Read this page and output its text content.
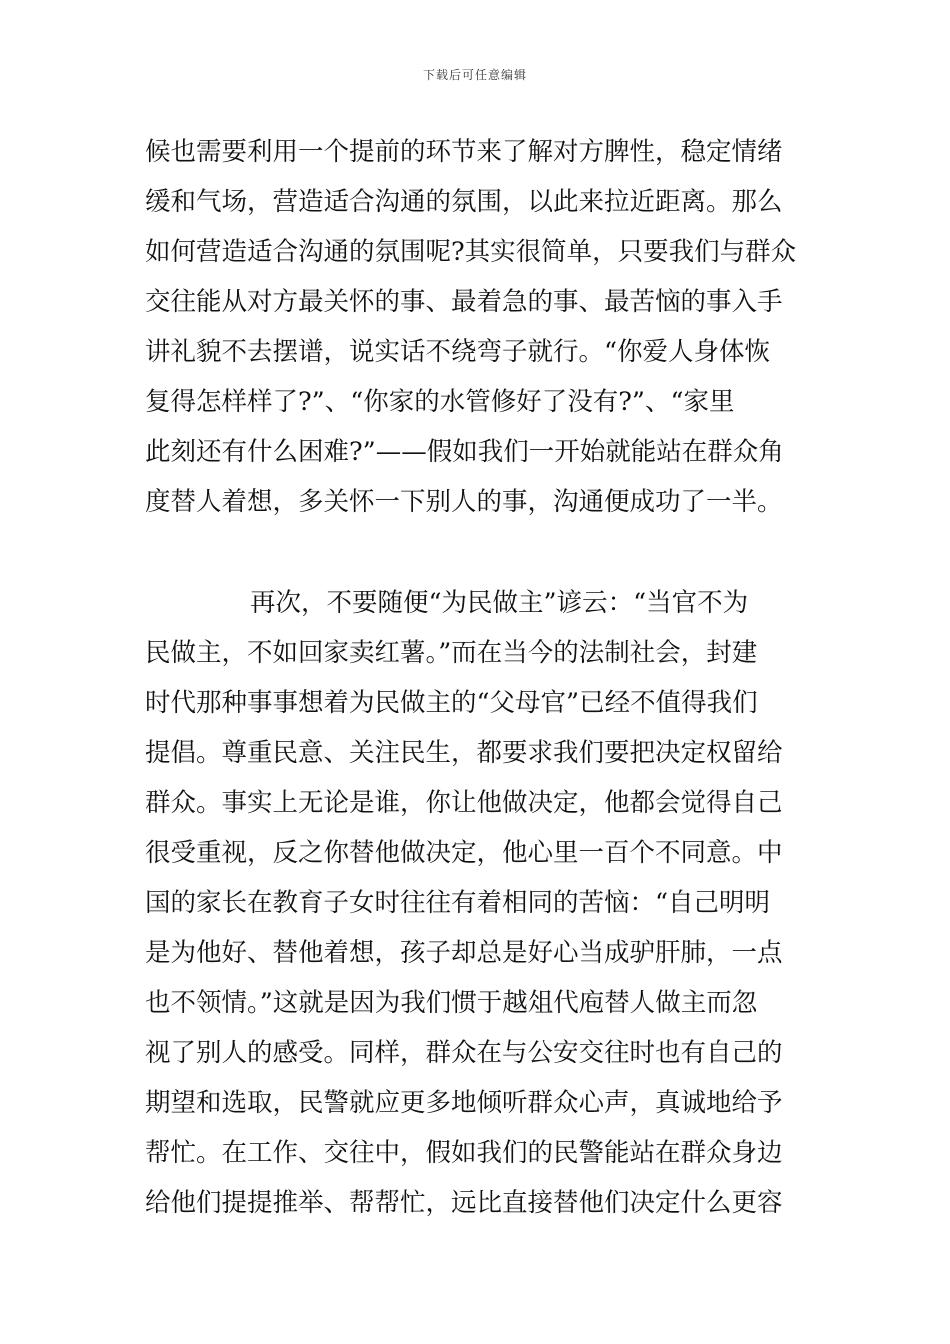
下载后可任意编辑
候也需要利用一个提前的环节来了解对方脾性，稳定情绪
缓和气场，营造适合沟通的氛围，以此来拉近距离。那么
如何营造适合沟通的氛围呢?其实很简单，只要我们与群众
交往能从对方最关怀的事、最着急的事、最苦恼的事入手
讲礼貌不去摆谱，说实话不绕弯子就行。“你爱人身体恢
复得怎样样了?”、“你家的水管修好了没有?”、“家里
此刻还有什么困难?”——假如我们一开始就能站在群众角
度替人着想，多关怀一下别人的事，沟通便成功了一半。
再次，不要随便“为民做主”谚云：“当官不为
民做主，不如回家卖红薯。”而在当今的法制社会，封建
时代那种事事想着为民做主的“父母官”已经不值得我们
提倡。尊重民意、关注民生，都要求我们要把决定权留给
群众。事实上无论是谁，你让他做决定，他都会觉得自己
很受重视，反之你替他做决定，他心里一百个不同意。中
国的家长在教育子女时往往有着相同的苦恼：“自己明明
是为他好、替他着想，孩子却总是好心当成驴肝肺，一点
也不领情。”这就是因为我们惯于越俎代庖替人做主而忽
视了别人的感受。同样，群众在与公安交往时也有自己的
期望和选取，民警就应更多地倾听群众心声，真诚地给予
帮忙。在工作、交往中，假如我们的民警能站在群众身边
给他们提提推举、帮帮忙，远比直接替他们决定什么更容
